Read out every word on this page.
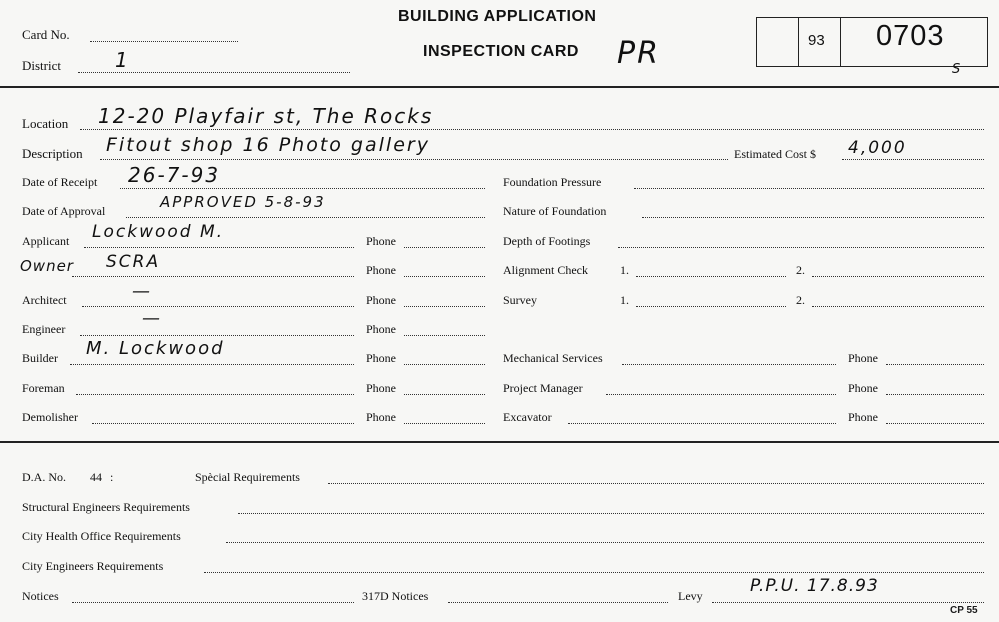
Card No.
District	1
BUILDING APPLICATION
INSPECTION CARD PR	93 0703
S
Location 12-20 Playfair st, The Rocks
Description Fitout shop 16 Photo gallery	Estimated Cost $ 4,000
Date of Receipt 26-7-93
Date of Approval	APPROVED 5-8-93
Applicant Lockwood M.	Phone
Owner SCRA	Phone
Architect	—	Phone
Engineer	—	Phone
Builder M. Lockwood	Phone
Foreman	Phone
Demolisher	Phone
Foundation Pressure
Nature of Foundation
Depth of Footings
Alignment Check	1.	2.
Survey	1.	2.
Mechanical Services	Phone
Project Manager	Phone
Excavator	Phone
D.A. No. 44 :	Spècial Requirements
Structural Engineers Requirements
City Health Office Requirements
City Engineers Requirements
Notices	317D Notices	Levy	P.P.U. 17.8.93
CP 55
